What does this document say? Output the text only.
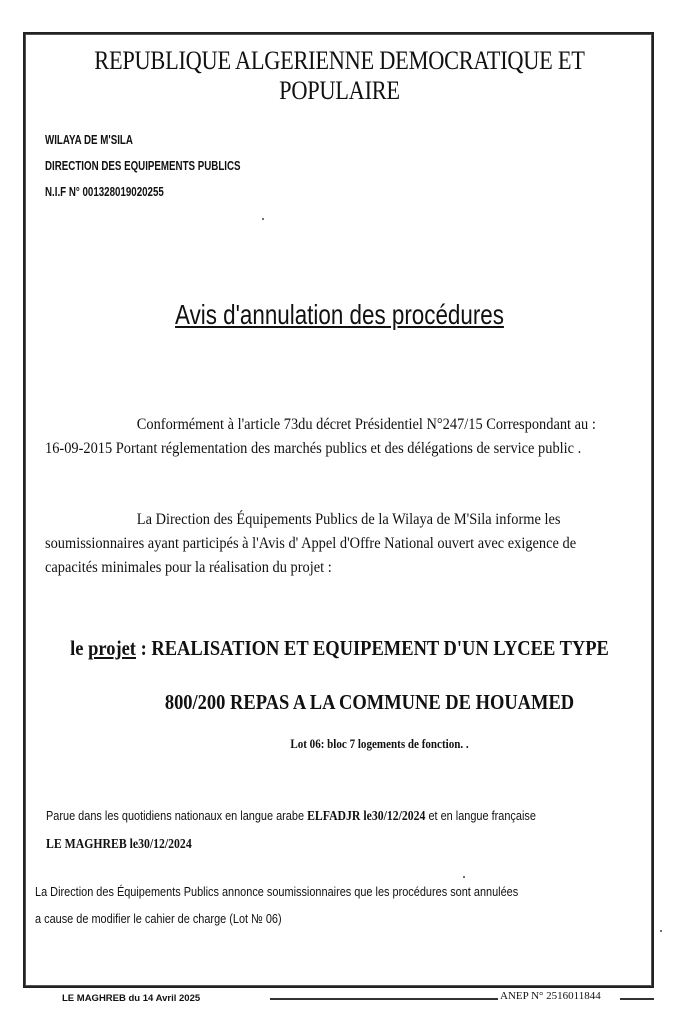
REPUBLIQUE ALGERIENNE DEMOCRATIQUE ET POPULAIRE
WILAYA DE M'SILA
DIRECTION DES EQUIPEMENTS PUBLICS
N.I.F N° 001328019020255
Avis d'annulation des procédures
Conformément à l'article 73du décret Présidentiel N°247/15 Correspondant au :
16-09-2015 Portant réglementation des marchés publics et des délégations de service public .
La Direction des Équipements Publics de la Wilaya de M'Sila informe les
soumissionnaires ayant participés à l'Avis d' Appel d'Offre National ouvert avec exigence de
capacités minimales pour la réalisation du projet :
le projet : REALISATION ET EQUIPEMENT D'UN LYCEE TYPE
800/200 REPAS A LA COMMUNE DE HOUAMED
Lot 06: bloc 7 logements de fonction. .
Parue dans les quotidiens nationaux en langue arabe ELFADJR le30/12/2024 et en langue française
LE MAGHREB le30/12/2024
La Direction des Équipements Publics annonce soumissionnaires que les procédures sont annulées
a cause de modifier le cahier de charge (Lot № 06)
LE MAGHREB du 14 Avril 2025	ANEP N° 2516011844
